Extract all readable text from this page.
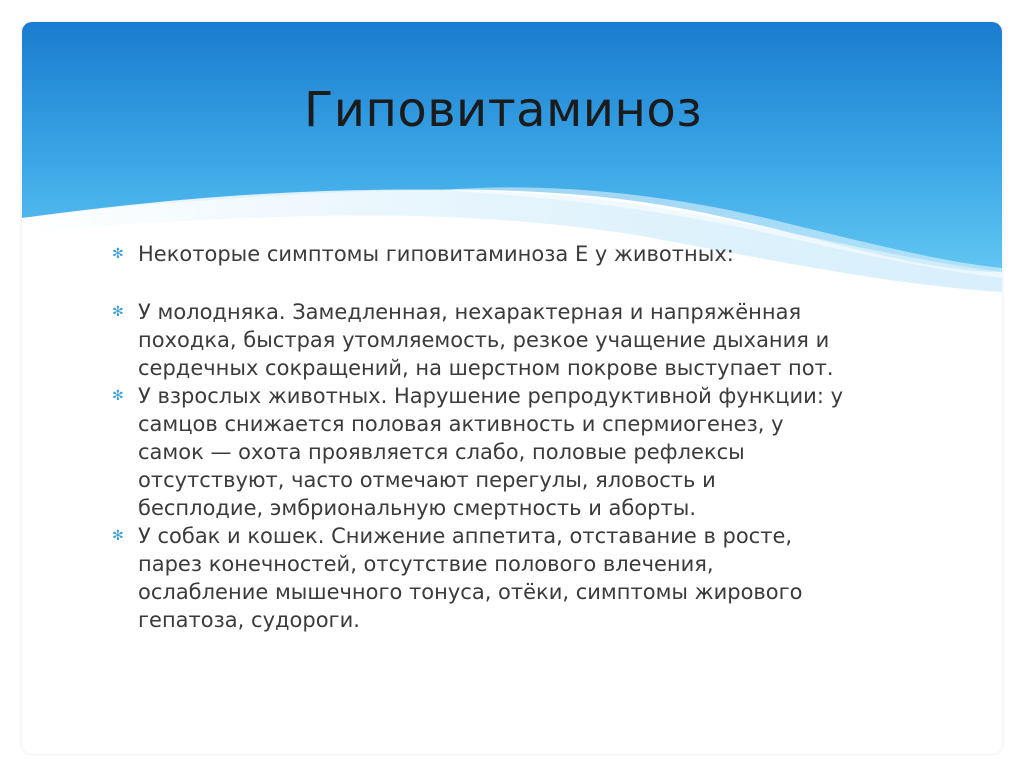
Гиповитаминоз
✻ Некоторые симптомы гиповитаминоза Е у животных:
✻ У молодняка. Замедленная, нехарактерная и напряжённая
походка, быстрая утомляемость, резкое учащение дыхания и
сердечных сокращений, на шерстном покрове выступает пот.
✻ У взрослых животных. Нарушение репродуктивной функции: у
самцов снижается половая активность и спермиогенез, у
самок — охота проявляется слабо, половые рефлексы
отсутствуют, часто отмечают перегулы, яловость и
бесплодие, эмбриональную смертность и аборты.
✻ У собак и кошек. Снижение аппетита, отставание в росте,
парез конечностей, отсутствие полового влечения,
ослабление мышечного тонуса, отёки, симптомы жирового
гепатоза, судороги.
